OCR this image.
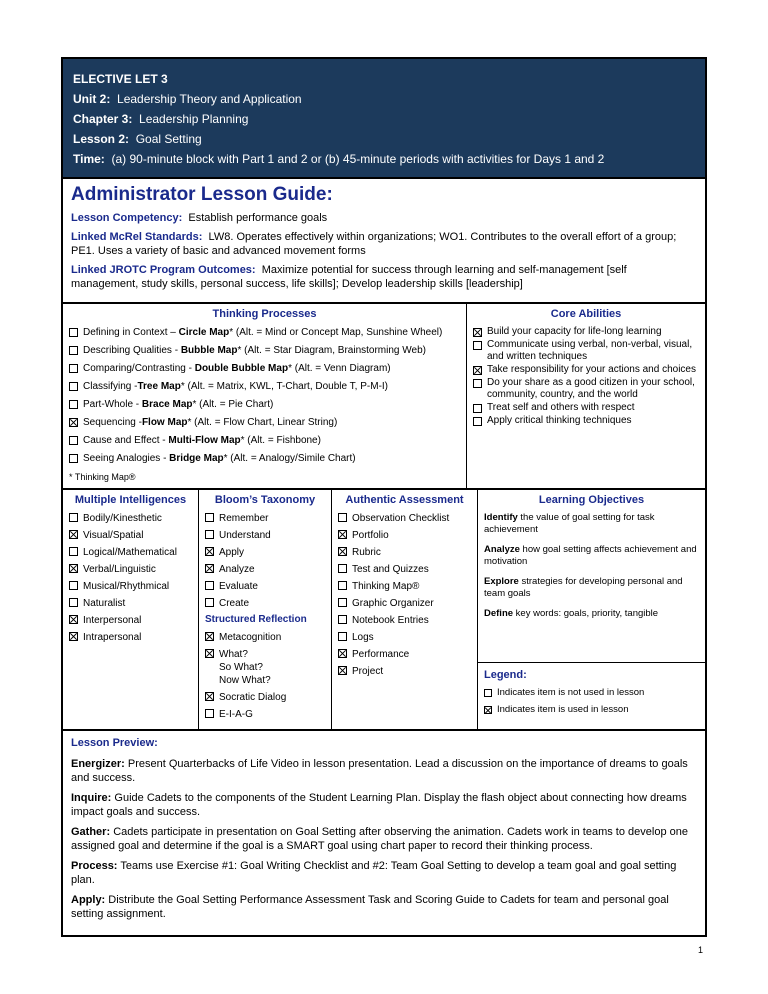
ELECTIVE LET 3
Unit 2: Leadership Theory and Application
Chapter 3: Leadership Planning
Lesson 2: Goal Setting
Time: (a) 90-minute block with Part 1 and 2 or (b) 45-minute periods with activities for Days 1 and 2
Administrator Lesson Guide:
Lesson Competency: Establish performance goals
Linked McRel Standards: LW8. Operates effectively within organizations; WO1. Contributes to the overall effort of a group; PE1. Uses a variety of basic and advanced movement forms
Linked JROTC Program Outcomes: Maximize potential for success through learning and self-management [self management, study skills, personal success, life skills]; Develop leadership skills [leadership]
Thinking Processes
Defining in Context – Circle Map* (Alt. = Mind or Concept Map, Sunshine Wheel)
Describing Qualities - Bubble Map* (Alt. = Star Diagram, Brainstorming Web)
Comparing/Contrasting - Double Bubble Map* (Alt. = Venn Diagram)
Classifying -Tree Map* (Alt. = Matrix, KWL, T-Chart, Double T, P-M-I)
Part-Whole - Brace Map* (Alt. = Pie Chart)
Sequencing -Flow Map* (Alt. = Flow Chart, Linear String)
Cause and Effect - Multi-Flow Map* (Alt. = Fishbone)
Seeing Analogies - Bridge Map* (Alt. = Analogy/Simile Chart)
* Thinking Map®
Core Abilities
Build your capacity for life-long learning
Communicate using verbal, non-verbal, visual, and written techniques
Take responsibility for your actions and choices
Do your share as a good citizen in your school, community, country, and the world
Treat self and others with respect
Apply critical thinking techniques
Multiple Intelligences
Bodily/Kinesthetic
Visual/Spatial
Logical/Mathematical
Verbal/Linguistic
Musical/Rhythmical
Naturalist
Interpersonal
Intrapersonal
Bloom’s Taxonomy
Remember
Understand
Apply
Analyze
Evaluate
Create
Structured Reflection
Metacognition
What?
So What?
Now What?
Socratic Dialog
E-I-A-G
Authentic Assessment
Observation Checklist
Portfolio
Rubric
Test and Quizzes
Thinking Map®
Graphic Organizer
Notebook Entries
Logs
Performance
Project
Learning Objectives
Identify the value of goal setting for task achievement
Analyze how goal setting affects achievement and motivation
Explore strategies for developing personal and team goals
Define key words: goals, priority, tangible
Legend:
Indicates item is not used in lesson
Indicates item is used in lesson
Lesson Preview:
Energizer: Present Quarterbacks of Life Video in lesson presentation. Lead a discussion on the importance of dreams to goals and success.
Inquire: Guide Cadets to the components of the Student Learning Plan. Display the flash object about connecting how dreams impact goals and success.
Gather: Cadets participate in presentation on Goal Setting after observing the animation. Cadets work in teams to develop one assigned goal and determine if the goal is a SMART goal using chart paper to record their thinking process.
Process: Teams use Exercise #1: Goal Writing Checklist and #2: Team Goal Setting to develop a team goal and goal setting plan.
Apply: Distribute the Goal Setting Performance Assessment Task and Scoring Guide to Cadets for team and personal goal setting assignment.
1
